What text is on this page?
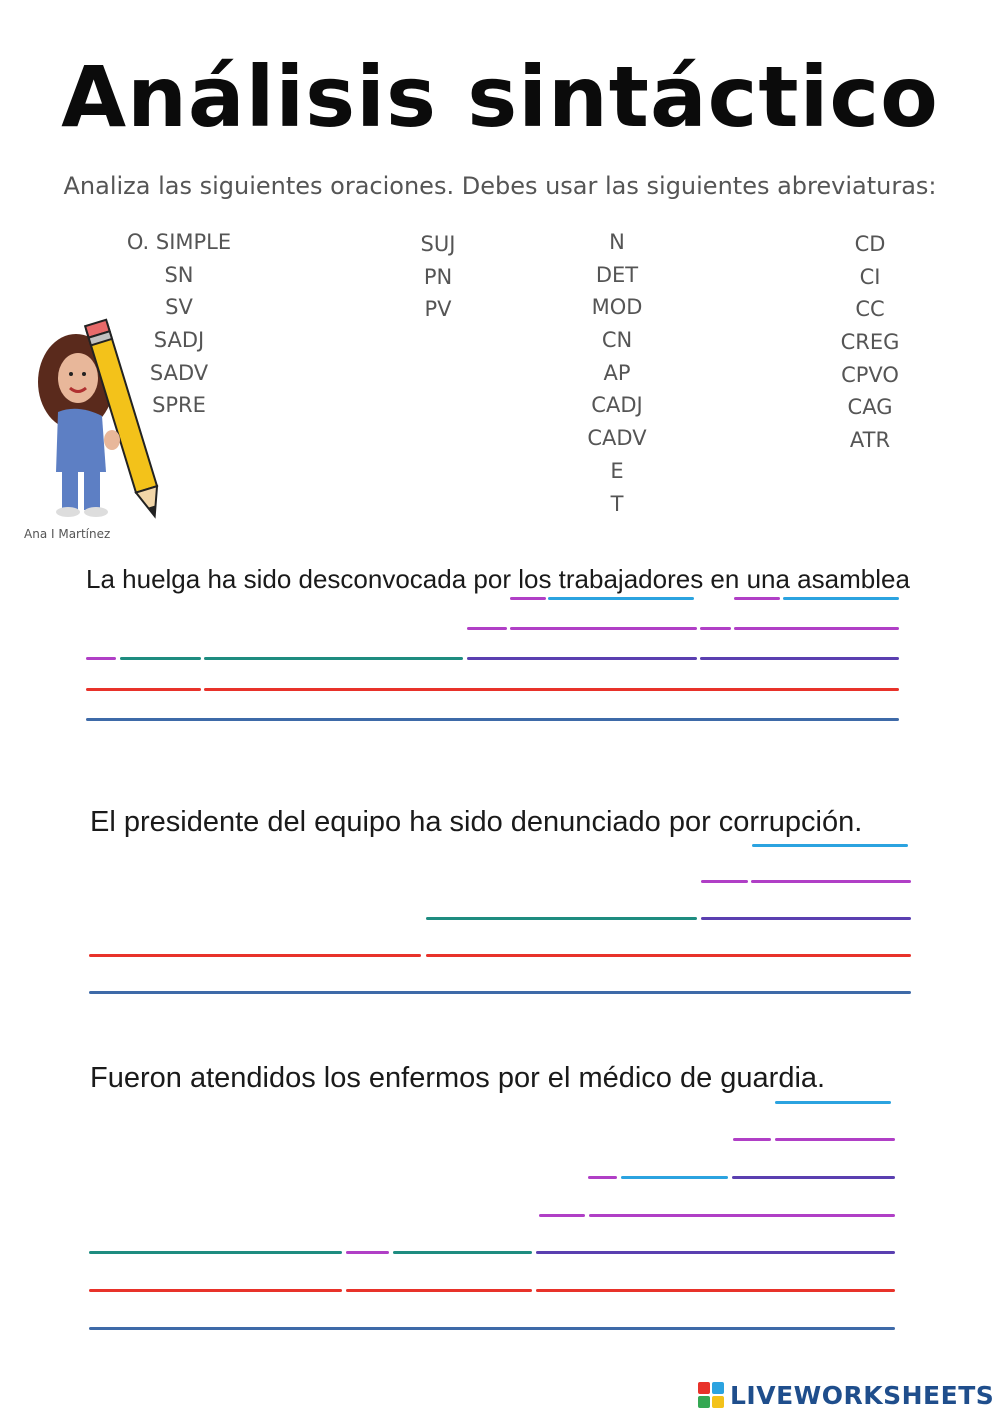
Análisis sintáctico
Analiza las siguientes oraciones. Debes usar las siguientes abreviaturas:
O. SIMPLE
SN
SV
SADJ
SADV
SPRE
SUJ
PN
PV
N
DET
MOD
CN
AP
CADJ
CADV
E
T
CD
CI
CC
CREG
CPVO
CAG
ATR
Ana I Martínez
La huelga ha sido desconvocada por los trabajadores en una asamblea
El presidente del equipo ha sido denunciado por corrupción.
Fueron atendidos los enfermos por el médico de guardia.
LIVEWORKSHEETS
